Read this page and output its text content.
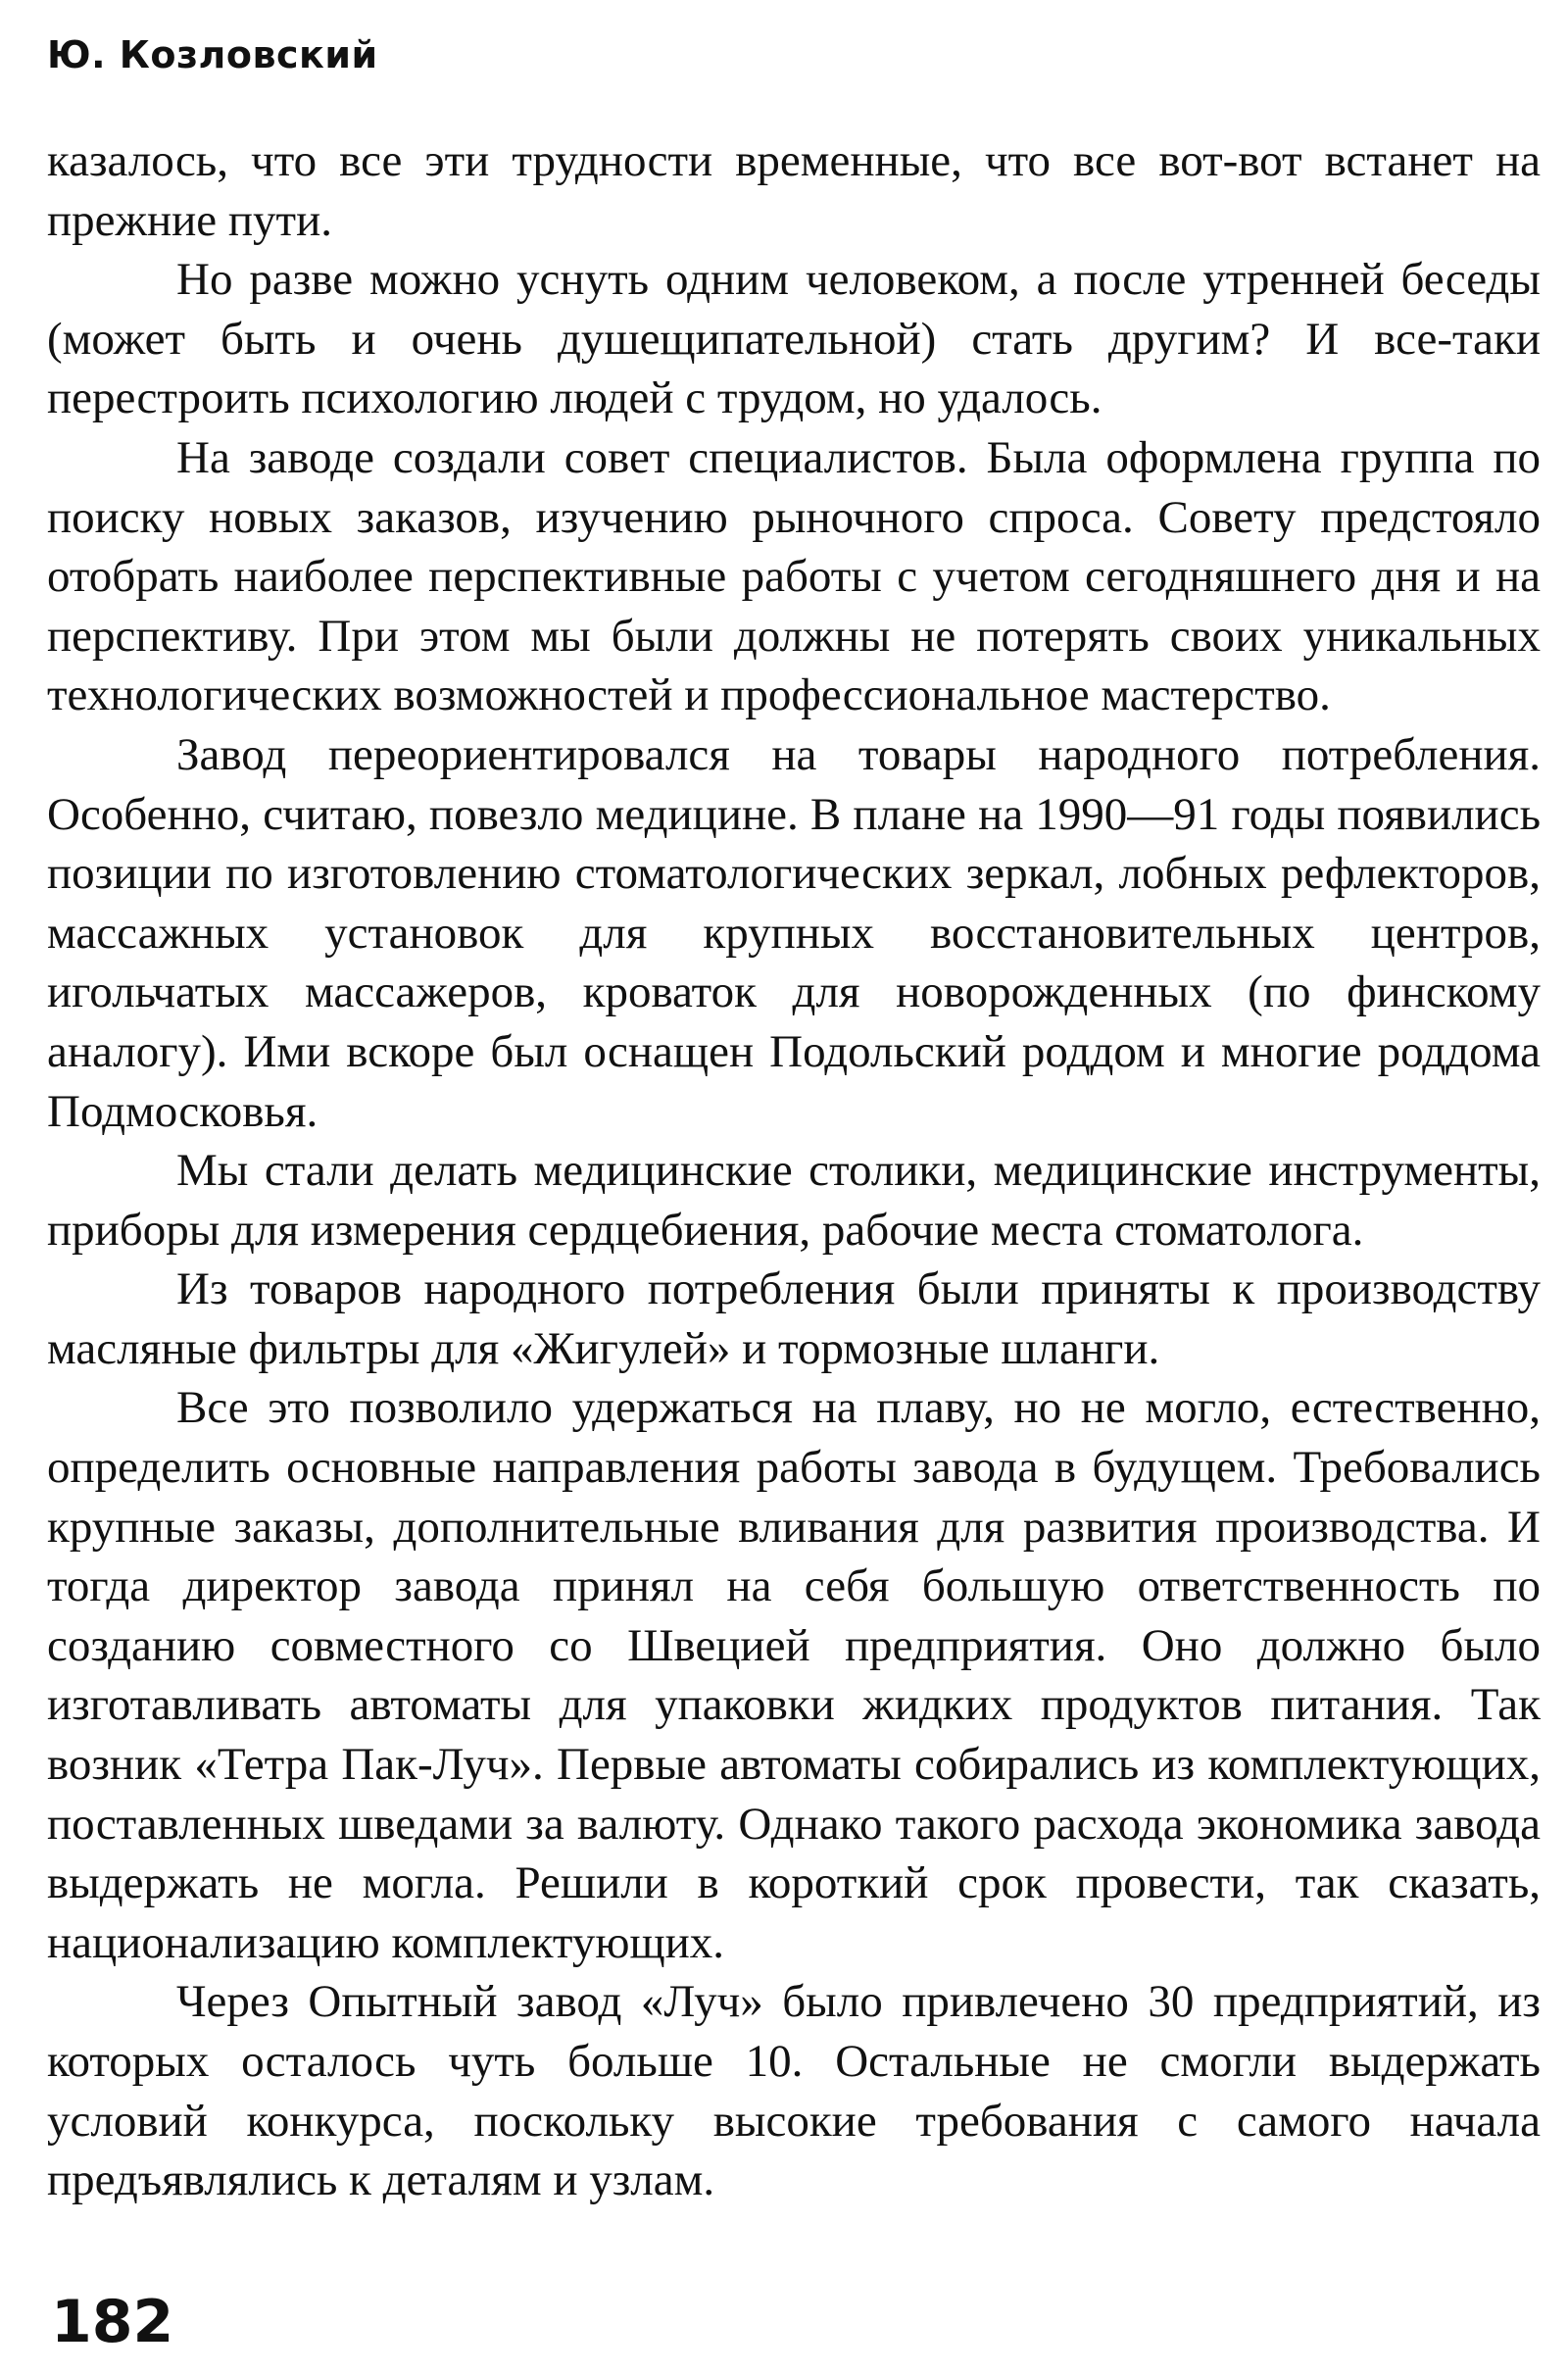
Ю. Козловский

казалось, что все эти трудности временные, что все вот-вот встанет на прежние пути.

Но разве можно уснуть одним человеком, а после утренней беседы (может быть и очень душещипательной) стать другим? И все-таки перестроить психологию людей с трудом, но удалось.

На заводе создали совет специалистов. Была оформлена группа по поиску новых заказов, изучению рыночного спроса. Совету предстояло отобрать наиболее перспективные работы с учетом сегодняшнего дня и на перспективу. При этом мы были должны не потерять своих уникальных технологических возможностей и профессиональное мастерство.

Завод переориентировался на товары народного потребления. Особенно, считаю, повезло медицине. В плане на 1990—91 годы появились позиции по изготовлению стоматологических зеркал, лобных рефлекторов, массажных установок для крупных восстановительных центров, игольчатых массажеров, кроваток для новорожденных (по финскому аналогу). Ими вскоре был оснащен Подольский роддом и многие роддома Подмосковья.

Мы стали делать медицинские столики, медицинские инструменты, приборы для измерения сердцебиения, рабочие места стоматолога.

Из товаров народного потребления были приняты к производству масляные фильтры для «Жигулей» и тормозные шланги.

Все это позволило удержаться на плаву, но не могло, естественно, определить основные направления работы завода в будущем. Требовались крупные заказы, дополнительные вливания для развития производства. И тогда директор завода принял на себя большую ответственность по созданию совместного со Швецией предприятия. Оно должно было изготавливать автоматы для упаковки жидких продуктов питания. Так возник «Тетра Пак-Луч». Первые автоматы собирались из комплектующих, поставленных шведами за валюту. Однако такого расхода экономика завода выдержать не могла. Решили в короткий срок провести, так сказать, национализацию комплектующих.

Через Опытный завод «Луч» было привлечено 30 предприятий, из которых осталось чуть больше 10. Остальные не смогли выдержать условий конкурса, поскольку высокие требования с самого начала предъявлялись к деталям и узлам.

182
